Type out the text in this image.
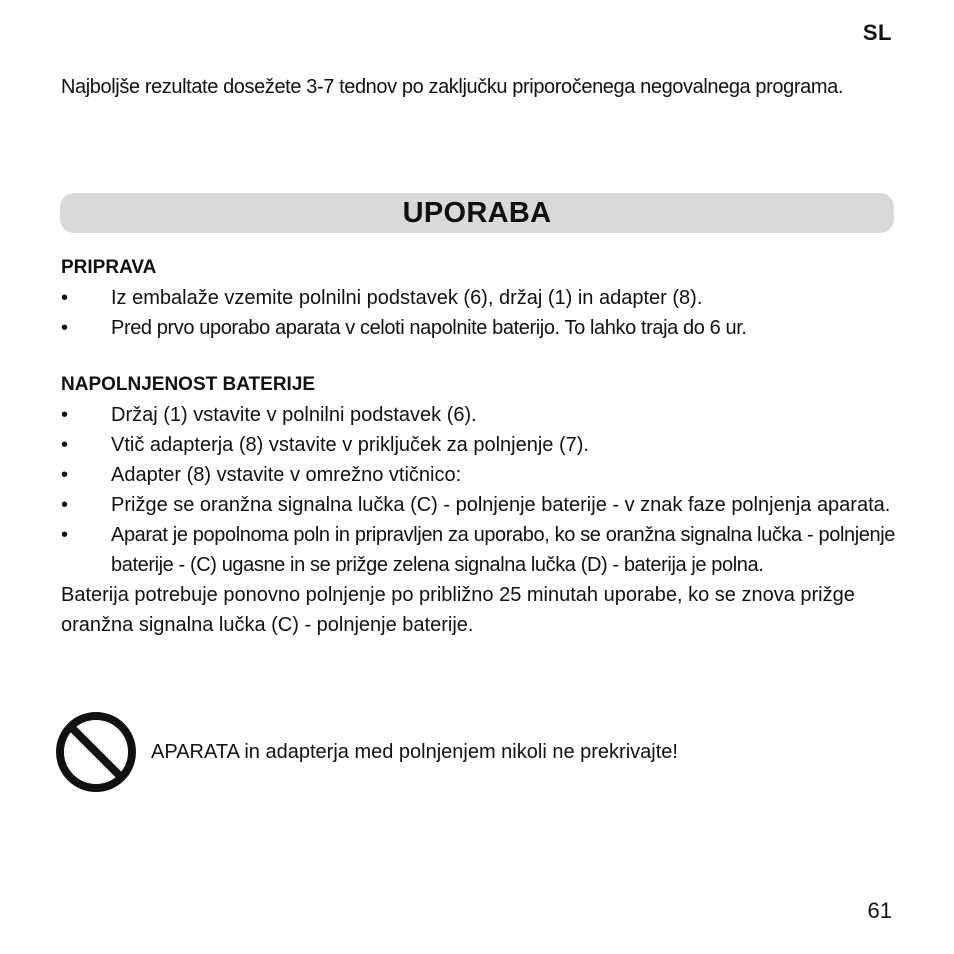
SL

Najboljše rezultate dosežete 3-7 tednov po zaključku priporočenega negovalnega programa.

UPORABA
PRIPRAVA
• Iz embalaže vzemite polnilni podstavek (6), držaj (1) in adapter (8).
• Pred prvo uporabo aparata v celoti napolnite baterijo. To lahko traja do 6 ur.
NAPOLNJENOST BATERIJE
• Držaj (1) vstavite v polnilni podstavek (6).
• Vtič adapterja (8) vstavite v priključek za polnjenje (7).
• Adapter (8) vstavite v omrežno vtičnico:
• Prižge se oranžna signalna lučka (C) - polnjenje baterije - v znak faze polnjenja aparata.
• Aparat je popolnoma poln in pripravljen za uporabo, ko se oranžna signalna lučka - polnjenje baterije - (C) ugasne in se prižge zelena signalna lučka (D) - baterija je polna.

Baterija potrebuje ponovno polnjenje po približno 25 minutah uporabe, ko se znova prižge oranžna signalna lučka (C) - polnjenje baterije.

APARATA in adapterja med polnjenjem nikoli ne prekrivajte!
61
